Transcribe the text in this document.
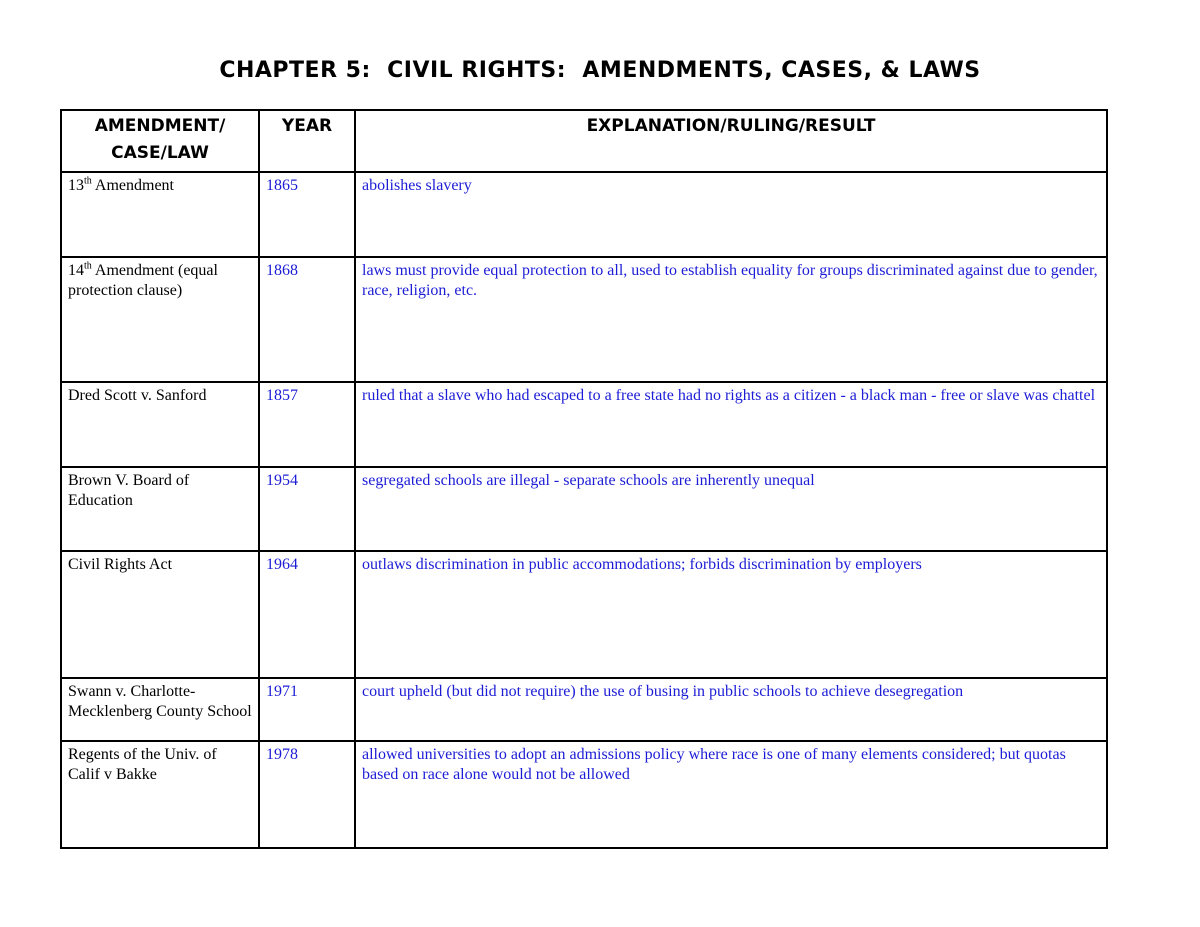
CHAPTER 5:  CIVIL RIGHTS:  AMENDMENTS, CASES, & LAWS
AMENDMENT/ CASE/LAW	YEAR	EXPLANATION/RULING/RESULT
13th Amendment	1865	abolishes slavery
14th Amendment (equal protection clause)	1868	laws must provide equal protection to all, used to establish equality for groups discriminated against due to gender, race, religion, etc.
Dred Scott v. Sanford	1857	ruled that a slave who had escaped to a free state had no rights as a citizen - a black man - free or slave was chattel
Brown V. Board of Education	1954	segregated schools are illegal - separate schools are inherently unequal
Civil Rights Act	1964	outlaws discrimination in public accommodations; forbids discrimination by employers
Swann v. Charlotte-Mecklenberg County School	1971	court upheld (but did not require) the use of busing in public schools to achieve desegregation
Regents of the Univ. of Calif v Bakke	1978	allowed universities to adopt an admissions policy where race is one of many elements considered; but quotas based on race alone would not be allowed
